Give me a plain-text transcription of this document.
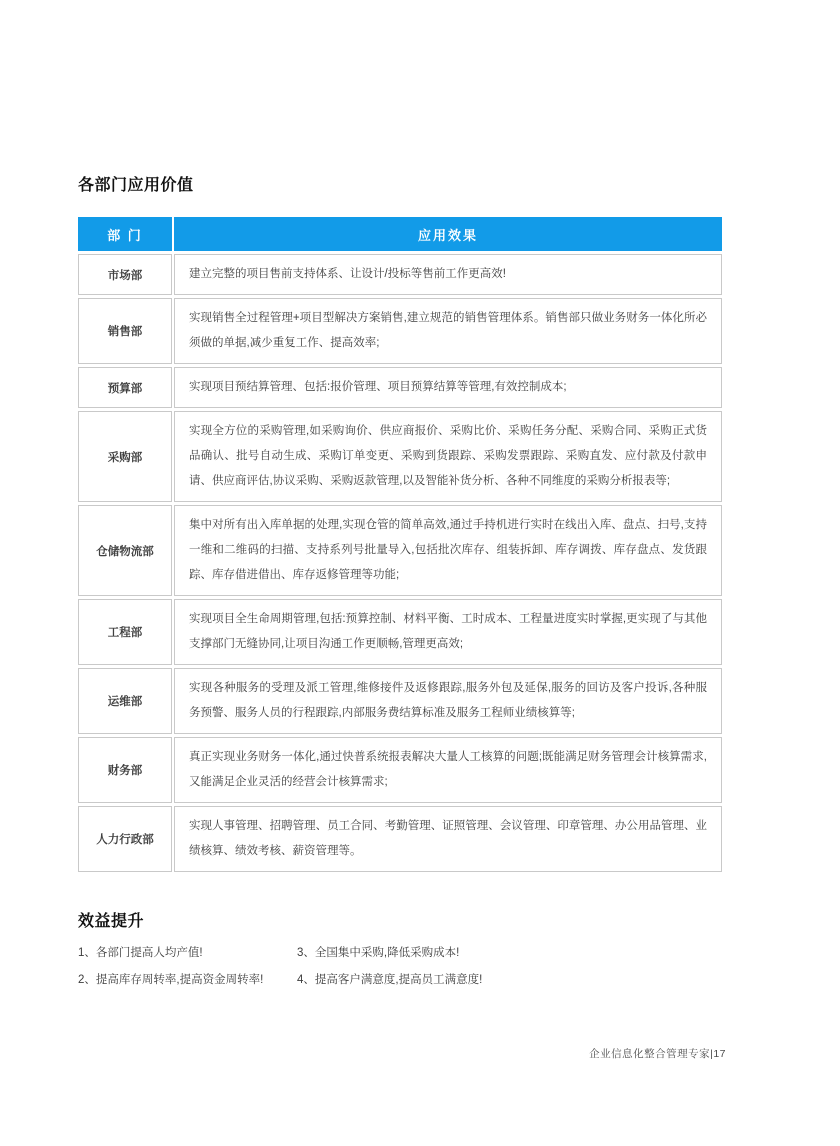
各部门应用价值
部 门	应用效果
市场部	建立完整的项目售前支持体系、让设计/投标等售前工作更高效!
销售部	实现销售全过程管理+项目型解决方案销售,建立规范的销售管理体系。销售部只做业务财务一体化所必须做的单据,减少重复工作、提高效率;
预算部	实现项目预结算管理、包括:报价管理、项目预算结算等管理,有效控制成本;
采购部	实现全方位的采购管理,如采购询价、供应商报价、采购比价、采购任务分配、采购合同、采购正式货品确认、批号自动生成、采购订单变更、采购到货跟踪、采购发票跟踪、采购直发、应付款及付款申请、供应商评估,协议采购、采购返款管理,以及智能补货分析、各种不同维度的采购分析报表等;
仓储物流部	集中对所有出入库单据的处理,实现仓管的简单高效,通过手持机进行实时在线出入库、盘点、扫号,支持一维和二维码的扫描、支持系列号批量导入,包括批次库存、组装拆卸、库存调拨、库存盘点、发货跟踪、库存借进借出、库存返修管理等功能;
工程部	实现项目全生命周期管理,包括:预算控制、材料平衡、工时成本、工程量进度实时掌握,更实现了与其他支撑部门无缝协同,让项目沟通工作更顺畅,管理更高效;
运维部	实现各种服务的受理及派工管理,维修接件及返修跟踪,服务外包及延保,服务的回访及客户投诉,各种服务预警、服务人员的行程跟踪,内部服务费结算标准及服务工程师业绩核算等;
财务部	真正实现业务财务一体化,通过快普系统报表解决大量人工核算的问题;既能满足财务管理会计核算需求,又能满足企业灵活的经营会计核算需求;
人力行政部	实现人事管理、招聘管理、员工合同、考勤管理、证照管理、会议管理、印章管理、办公用品管理、业绩核算、绩效考核、薪资管理等。
效益提升
1、各部门提高人均产值!
2、提高库存周转率,提高资金周转率!
3、全国集中采购,降低采购成本!
4、提高客户满意度,提高员工满意度!
企业信息化整合管理专家|17
